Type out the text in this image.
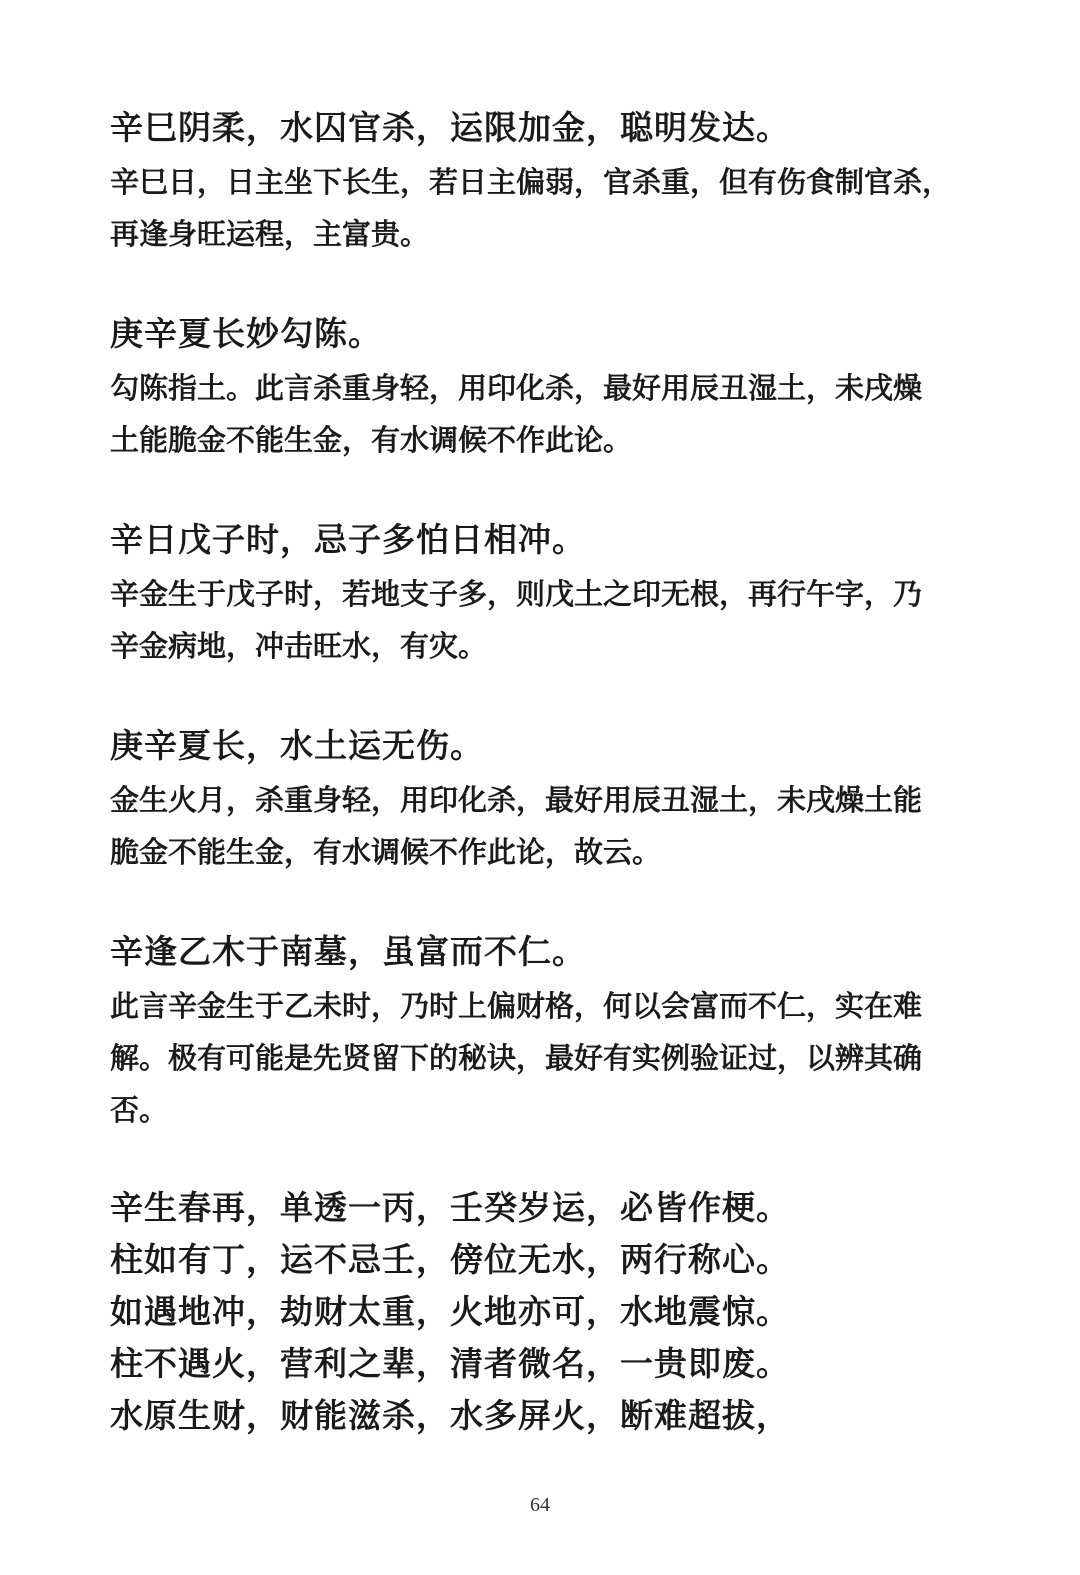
辛巳阴柔，水囚官杀，运限加金，聪明发达。
辛巳日，日主坐下长生，若日主偏弱，官杀重，但有伤食制官杀，
再逢身旺运程，主富贵。
庚辛夏长妙勾陈。
勾陈指土。此言杀重身轻，用印化杀，最好用辰丑湿土，未戌燥
土能脆金不能生金，有水调候不作此论。
辛日戊子时，忌子多怕日相冲。
辛金生于戊子时，若地支子多，则戊土之印无根，再行午字，乃
辛金病地，冲击旺水，有灾。
庚辛夏长，水土运无伤。
金生火月，杀重身轻，用印化杀，最好用辰丑湿土，未戌燥土能
脆金不能生金，有水调候不作此论，故云。
辛逢乙木于南墓，虽富而不仁。
此言辛金生于乙未时，乃时上偏财格，何以会富而不仁，实在难
解。极有可能是先贤留下的秘诀，最好有实例验证过，以辨其确
否。
辛生春再，单透一丙，壬癸岁运，必皆作梗。
柱如有丁，运不忌壬，傍位无水，两行称心。
如遇地冲，劫财太重，火地亦可，水地震惊。
柱不遇火，营利之辈，清者微名，一贵即废。
水原生财，财能滋杀，水多屏火，断难超拔，
64
